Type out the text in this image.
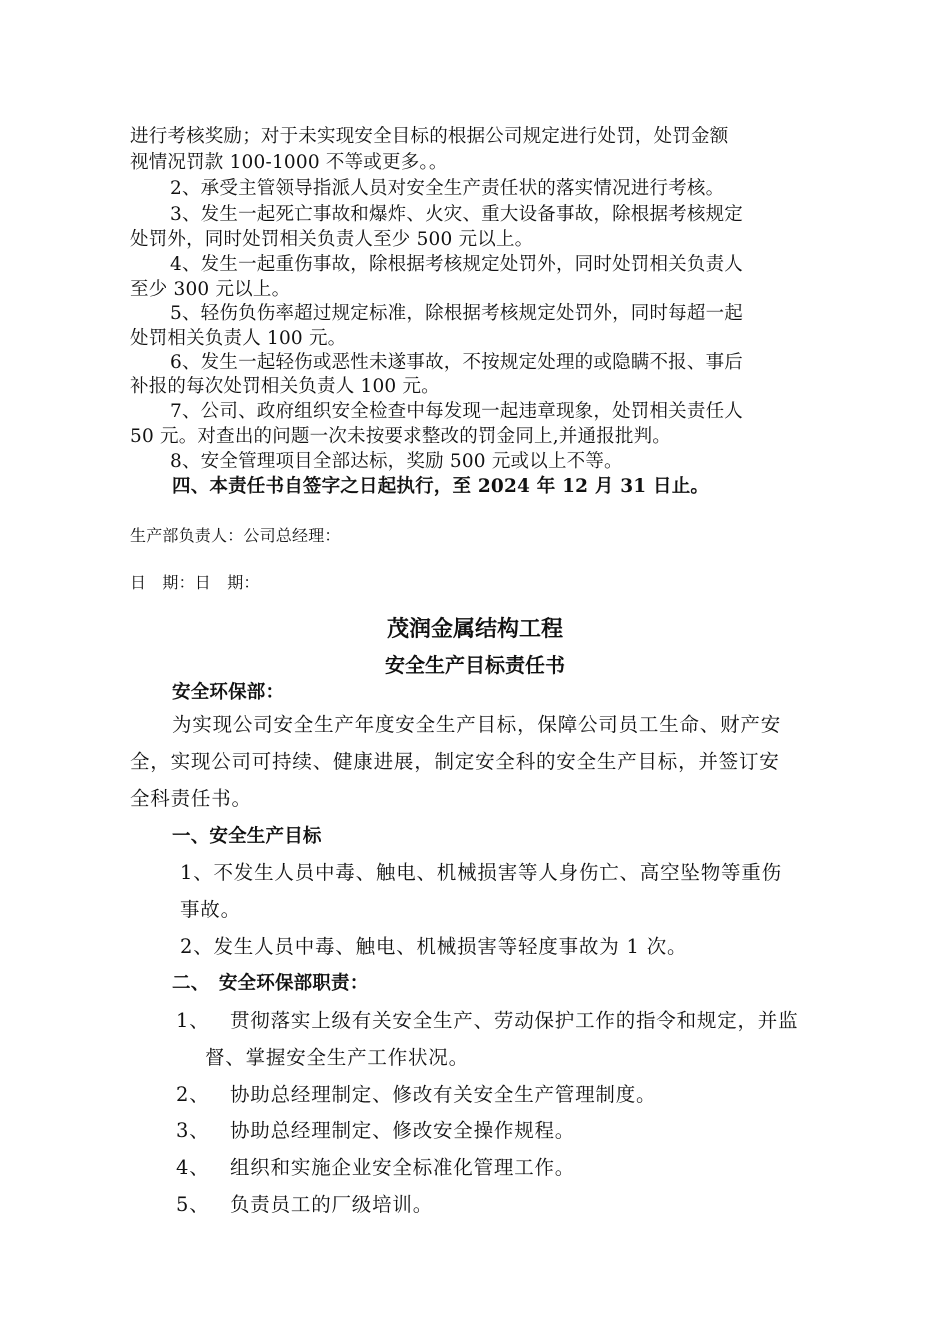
进行考核奖励；对于未实现安全目标的根据公司规定进行处罚，处罚金额
视情况罚款 100-1000 不等或更多。。
2、承受主管领导指派人员对安全生产责任状的落实情况进行考核。
3、发生一起死亡事故和爆炸、火灾、重大设备事故，除根据考核规定
处罚外，同时处罚相关负责人至少 500 元以上。
4、发生一起重伤事故，除根据考核规定处罚外，同时处罚相关负责人
至少 300 元以上。
5、轻伤负伤率超过规定标准，除根据考核规定处罚外，同时每超一起
处罚相关负责人 100 元。
6、发生一起轻伤或恶性未遂事故，不按规定处理的或隐瞒不报、事后
补报的每次处罚相关负责人 100 元。
7、公司、政府组织安全检查中每发现一起违章现象，处罚相关责任人
50 元。对查出的问题一次未按要求整改的罚金同上,并通报批判。
8、安全管理项目全部达标，奖励 500 元或以上不等。
四、本责任书自签字之日起执行，至 2024 年 12 月 31 日止。
生产部负责人：公司总经理：
日　期：日　期：
茂润金属结构工程
安全生产目标责任书
安全环保部：
为实现公司安全生产年度安全生产目标，保障公司员工生命、财产安
全，实现公司可持续、健康进展，制定安全科的安全生产目标，并签订安
全科责任书。
一、安全生产目标
1、不发生人员中毒、触电、机械损害等人身伤亡、高空坠物等重伤
事故。
2、发生人员中毒、触电、机械损害等轻度事故为 1 次。
二、　安全环保部职责：
1、 贯彻落实上级有关安全生产、劳动保护工作的指令和规定，并监
督、掌握安全生产工作状况。
2、 协助总经理制定、修改有关安全生产管理制度。
3、 协助总经理制定、修改安全操作规程。
4、 组织和实施企业安全标准化管理工作。
5、 负责员工的厂级培训。
